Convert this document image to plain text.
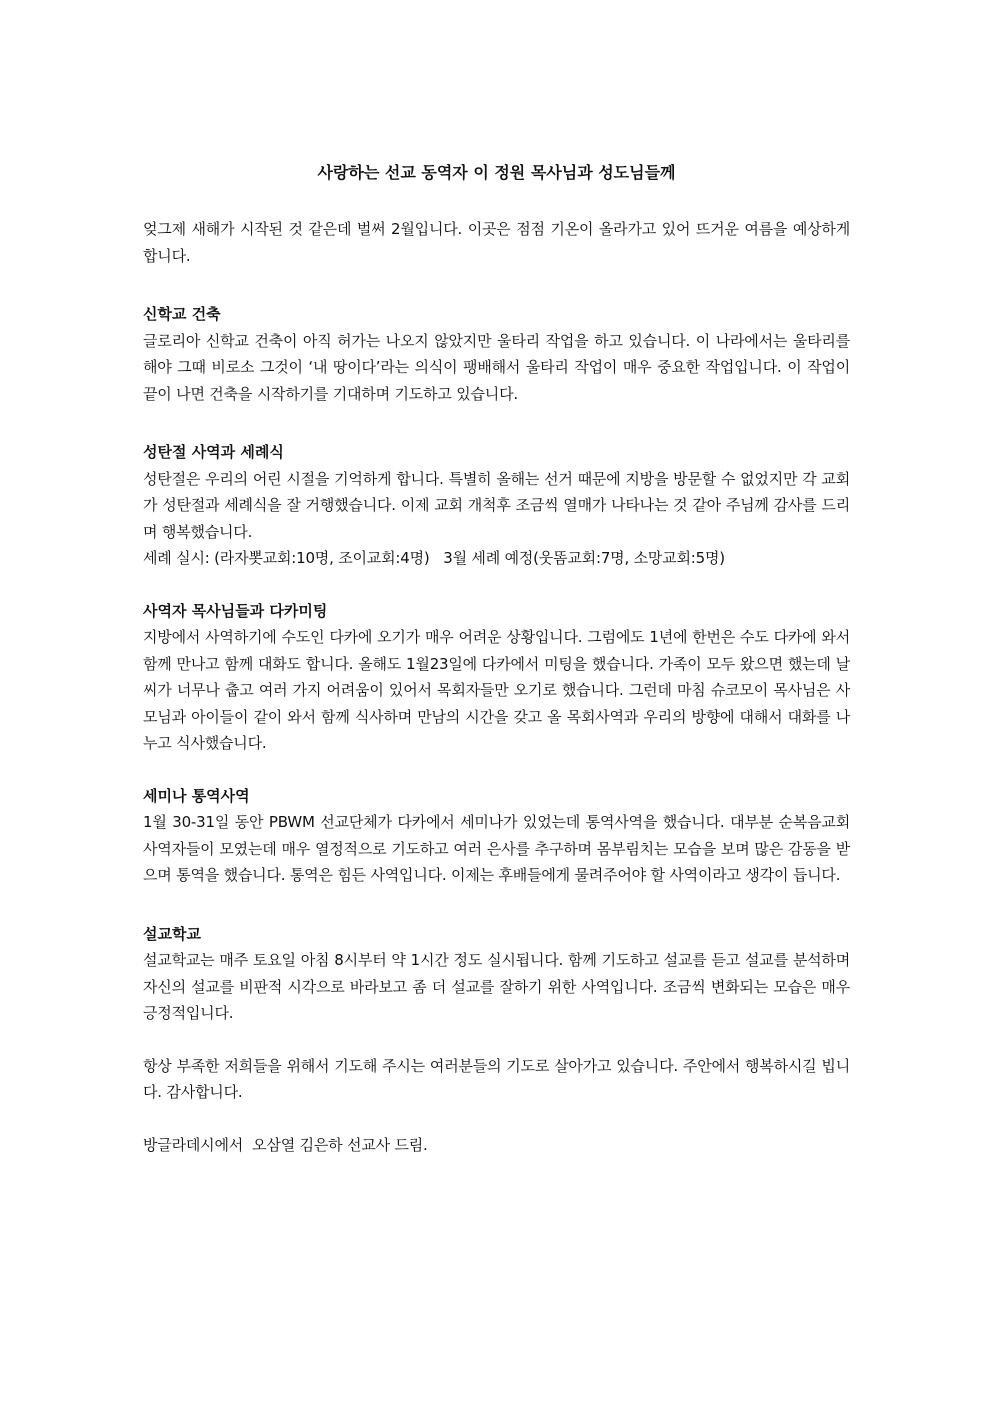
사랑하는 선교 동역자 이 정원 목사님과 성도님들께

엊그제 새해가 시작된 것 같은데 벌써 2월입니다. 이곳은 점점 기온이 올라가고 있어 뜨거운 여름을 예상하게 합니다.

신학교 건축

글로리아 신학교 건축이 아직 허가는 나오지 않았지만 울타리 작업을 하고 있습니다. 이 나라에서는 울타리를 해야 그때 비로소 그것이 ‘내 땅이다’라는 의식이 팽배해서 울타리 작업이 매우 중요한 작업입니다. 이 작업이 끝이 나면 건축을 시작하기를 기대하며 기도하고 있습니다.

성탄절 사역과 세례식

성탄절은 우리의 어린 시절을 기억하게 합니다. 특별히 올해는 선거 때문에 지방을 방문할 수 없었지만 각 교회가 성탄절과 세례식을 잘 거행했습니다. 이제 교회 개척후 조금씩 열매가 나타나는 것 같아 주님께 감사를 드리며 행복했습니다.

세례 실시: (라자뽓교회:10명, 조이교회:4명)   3월 세례 예정(웃똠교회:7명, 소망교회:5명)

사역자 목사님들과 다카미팅

지방에서 사역하기에 수도인 다카에 오기가 매우 어려운 상황입니다. 그럼에도 1년에 한번은 수도 다카에 와서 함께 만나고 함께 대화도 합니다. 올해도 1월23일에 다카에서 미팅을 했습니다. 가족이 모두 왔으면 했는데 날씨가 너무나 춥고 여러 가지 어려움이 있어서 목회자들만 오기로 했습니다. 그런데 마침 슈코모이 목사님은 사모님과 아이들이 같이 와서 함께 식사하며 만남의 시간을 갖고 올 목회사역과 우리의 방향에 대해서 대화를 나누고 식사했습니다.

세미나 통역사역

1월 30-31일 동안 PBWM 선교단체가 다카에서 세미나가 있었는데 통역사역을 했습니다. 대부분 순복음교회 사역자들이 모였는데 매우 열정적으로 기도하고 여러 은사를 추구하며 몸부림치는 모습을 보며 많은 감동을 받으며 통역을 했습니다. 통역은 힘든 사역입니다. 이제는 후배들에게 물려주어야 할 사역이라고 생각이 듭니다.

설교학교

설교학교는 매주 토요일 아침 8시부터 약 1시간 정도 실시됩니다. 함께 기도하고 설교를 듣고 설교를 분석하며 자신의 설교를 비판적 시각으로 바라보고 좀 더 설교를 잘하기 위한 사역입니다. 조금씩 변화되는 모습은 매우 긍정적입니다.

항상 부족한 저희들을 위해서 기도해 주시는 여러분들의 기도로 살아가고 있습니다. 주안에서 행복하시길 빕니다. 감사합니다.

방글라데시에서  오삼열 김은하 선교사 드림.
